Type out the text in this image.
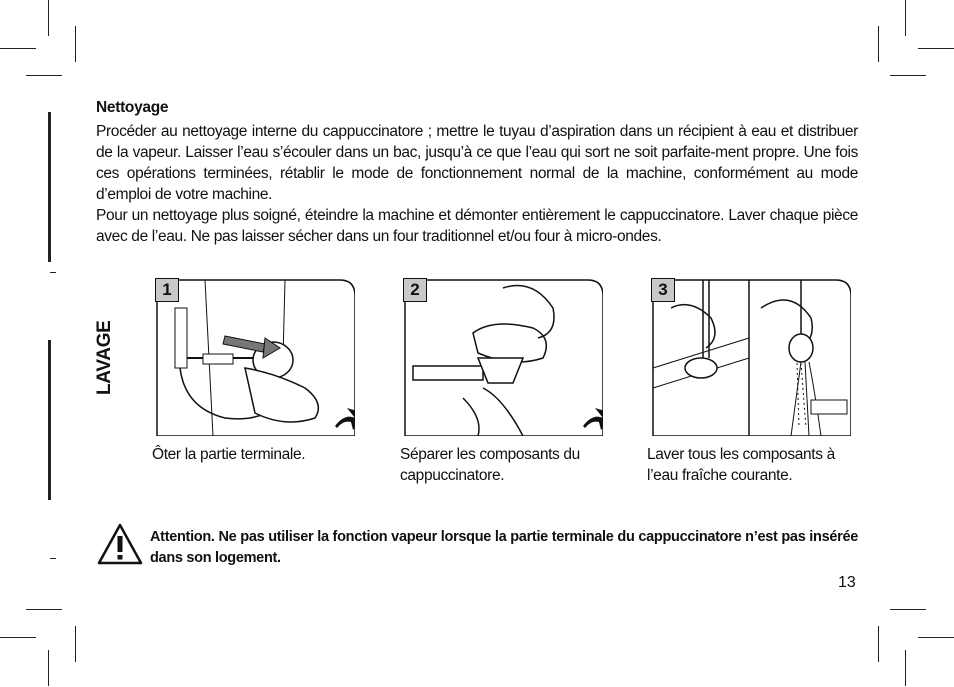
Nettoyage
Procéder au nettoyage interne du cappuccinatore ; mettre le tuyau d’aspiration dans un récipient à eau et distribuer de la vapeur. Laisser l’eau s’écouler dans un bac, jusqu’à ce que l’eau qui sort ne soit parfaite-ment propre. Une fois ces opérations terminées, rétablir le mode de fonctionnement normal de la machine, conformément au mode d’emploi de votre machine.
Pour un nettoyage plus soigné, éteindre la machine et démonter entièrement le cappuccinatore. Laver chaque pièce avec de l’eau. Ne pas laisser sécher dans un four traditionnel et/ou four à micro-ondes.
LAVAGE
1
Ôter la partie terminale.
2
Séparer les composants du cappuccinatore.
3
Laver tous les composants à l’eau fraîche courante.
Attention. Ne pas utiliser la fonction vapeur lorsque la partie terminale du cappuccinatore n’est pas insérée dans son logement.
13
